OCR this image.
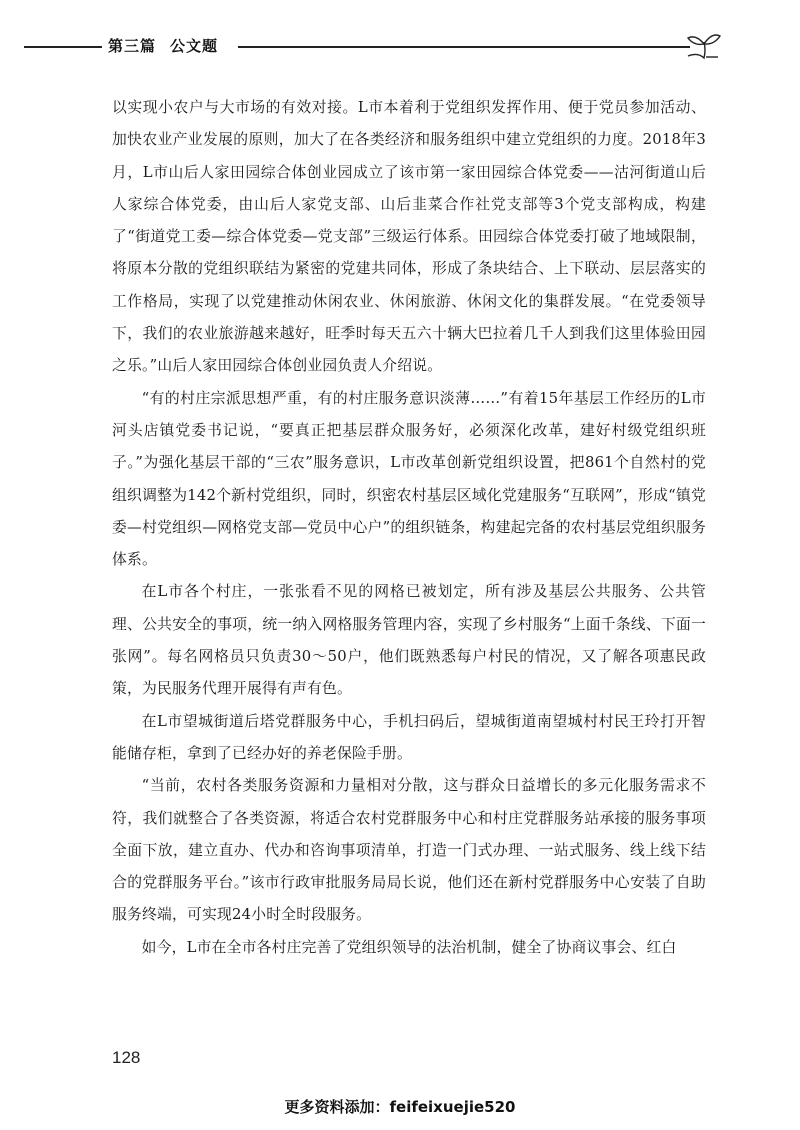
第三篇 公文题

以实现小农户与大市场的有效对接。L市本着利于党组织发挥作用、便于党员参加活动、加快农业产业发展的原则，加大了在各类经济和服务组织中建立党组织的力度。2018年3月，L市山后人家田园综合体创业园成立了该市第一家田园综合体党委——沽河街道山后人家综合体党委，由山后人家党支部、山后韭菜合作社党支部等3个党支部构成，构建了“街道党工委—综合体党委—党支部”三级运行体系。田园综合体党委打破了地域限制，将原本分散的党组织联结为紧密的党建共同体，形成了条块结合、上下联动、层层落实的工作格局，实现了以党建推动休闲农业、休闲旅游、休闲文化的集群发展。“在党委领导下，我们的农业旅游越来越好，旺季时每天五六十辆大巴拉着几千人到我们这里体验田园之乐。”山后人家田园综合体创业园负责人介绍说。

“有的村庄宗派思想严重，有的村庄服务意识淡薄……”有着15年基层工作经历的L市河头店镇党委书记说，“要真正把基层群众服务好，必须深化改革，建好村级党组织班子。”为强化基层干部的“三农”服务意识，L市改革创新党组织设置，把861个自然村的党组织调整为142个新村党组织，同时，织密农村基层区域化党建服务“互联网”，形成“镇党委—村党组织—网格党支部—党员中心户”的组织链条，构建起完备的农村基层党组织服务体系。

在L市各个村庄，一张张看不见的网格已被划定，所有涉及基层公共服务、公共管理、公共安全的事项，统一纳入网格服务管理内容，实现了乡村服务“上面千条线、下面一张网”。每名网格员只负责30～50户，他们既熟悉每户村民的情况，又了解各项惠民政策，为民服务代理开展得有声有色。

在L市望城街道后塔党群服务中心，手机扫码后，望城街道南望城村村民王玲打开智能储存柜，拿到了已经办好的养老保险手册。

“当前，农村各类服务资源和力量相对分散，这与群众日益增长的多元化服务需求不符，我们就整合了各类资源，将适合农村党群服务中心和村庄党群服务站承接的服务事项全面下放，建立直办、代办和咨询事项清单，打造一门式办理、一站式服务、线上线下结合的党群服务平台。”该市行政审批服务局局长说，他们还在新村党群服务中心安装了自助服务终端，可实现24小时全时段服务。

如今，L市在全市各村庄完善了党组织领导的法治机制，健全了协商议事会、红白

128
更多资料添加：feifeixuejie520
